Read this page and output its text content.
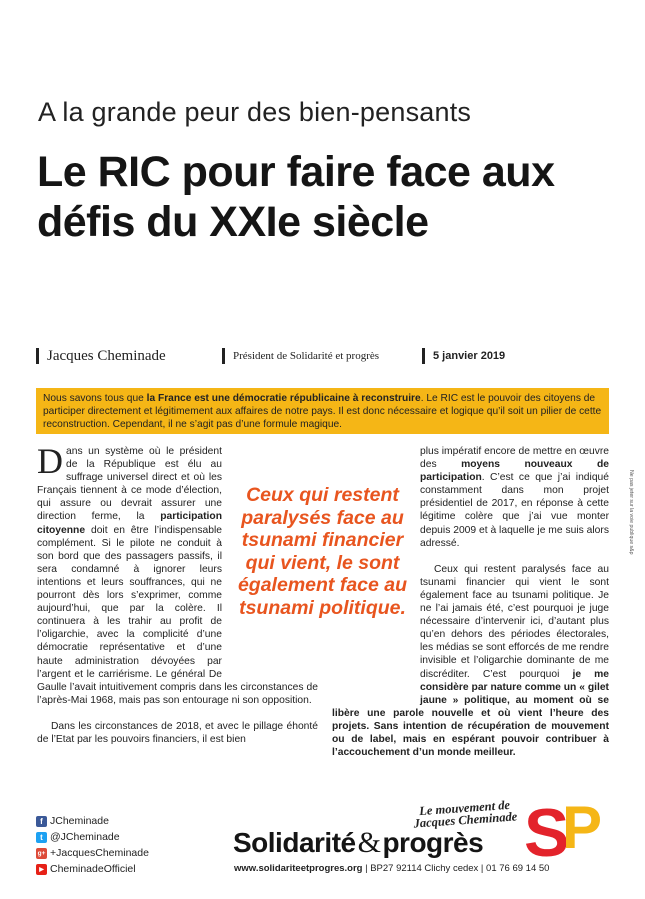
A la grande peur des bien-pensants
Le RIC pour faire face aux défis du XXIe siècle
Jacques Cheminade	Président de Solidarité et progrès	5 janvier 2019
Nous savons tous que la France est une démocratie républicaine à reconstruire. Le RIC est le pouvoir des citoyens de participer directement et légitimement aux affaires de notre pays. Il est donc nécessaire et logique qu’il soit un pilier de cette reconstruction. Cependant, il ne s’agit pas d’une formule magique.

Dans un système où le président de la République est élu au suffrage universel direct et où les Français tiennent à ce mode d’élection, qui assure ou devrait assurer une direction ferme, la participation citoyenne doit en être l’indispensable complément. Si le pilote ne conduit à son bord que des passagers passifs, il sera condamné à ignorer leurs intentions et leurs souffrances, qui ne pourront dès lors s’exprimer, comme aujourd’hui, que par la colère. Il continuera à les trahir au profit de l’oligarchie, avec la complicité d’une démocratie représentative et d’une haute administration dévoyées par l’argent et le carriérisme. Le général De Gaulle l’avait intuitivement compris dans les circonstances de l’après-Mai 1968, mais pas son entourage ni son opposition.

Dans les circonstances de 2018, et avec le pillage éhonté de l’Etat par les pouvoirs financiers, il est bien

plus impératif encore de mettre en œuvre des moyens nouveaux de participation. C’est ce que j’ai indiqué constamment dans mon projet présidentiel de 2017, en réponse à cette légitime colère que j’ai vue monter depuis 2009 et à laquelle je me suis alors adressé.

Ceux qui restent paralysés face au tsunami financier qui vient le sont également face au tsunami politique. Je ne l’ai jamais été, c’est pourquoi je juge nécessaire d’intervenir ici, d’autant plus qu’en dehors des périodes électorales, les médias se sont efforcés de me rendre invisible et l’oligarchie dominante de me discréditer. C’est pourquoi je me considère par nature comme un « gilet jaune » politique, au moment où se libère une parole nouvelle et où vient l’heure des projets. Sans intention de récupération de mouvement ou de label, mais en espérant pouvoir contribuer à l’accouchement d’un monde meilleur.

Ceux qui restent paralysés face au tsunami financier qui vient, le sont également face au tsunami politique.
Ne pas jeter sur la voie publique s&p
f JCheminade
t @JCheminade
g+ +JacquesCheminade
▶ CheminadeOfficiel
Le mouvement de Jacques Cheminade
Solidarité&progrès
www.solidariteetprogres.org | BP27 92114 Clichy cedex | 01 76 69 14 50
S
P
